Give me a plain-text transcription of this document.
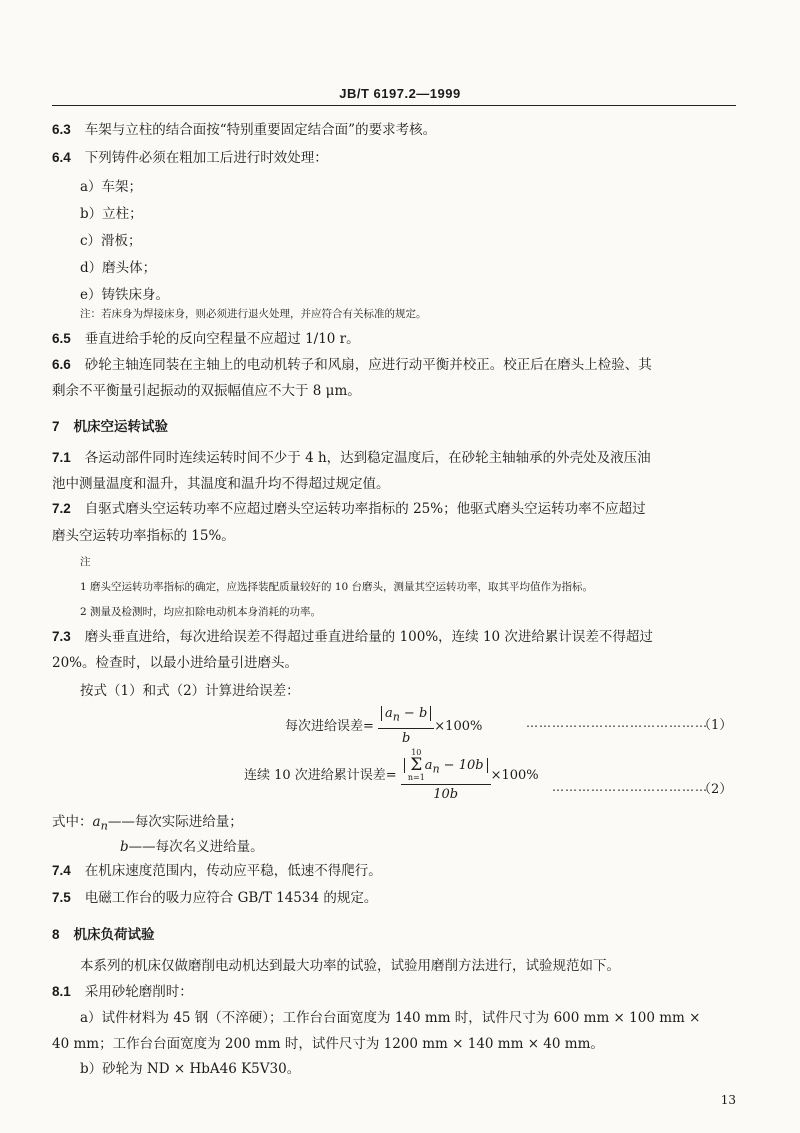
JB/T 6197.2—1999
6.3 车架与立柱的结合面按“特别重要固定结合面”的要求考核。
6.4 下列铸件必须在粗加工后进行时效处理：
a）车架；
b）立柱；
c）滑板；
d）磨头体；
e）铸铁床身。
注：若床身为焊接床身，则必须进行退火处理，并应符合有关标准的规定。
6.5 垂直进给手轮的反向空程量不应超过 1/10 r。
6.6 砂轮主轴连同装在主轴上的电动机转子和风扇，应进行动平衡并校正。校正后在磨头上检验、其
剩余不平衡量引起振动的双振幅值应不大于 8 μm。
7 机床空运转试验
7.1 各运动部件同时连续运转时间不少于 4 h，达到稳定温度后，在砂轮主轴轴承的外壳处及液压油
池中测量温度和温升，其温度和温升均不得超过规定值。
7.2 自驱式磨头空运转功率不应超过磨头空运转功率指标的 25%；他驱式磨头空运转功率不应超过
磨头空运转功率指标的 15%。
注
1 磨头空运转功率指标的确定，应选择装配质量较好的 10 台磨头，测量其空运转功率，取其平均值作为指标。
2 测量及检测时，均应扣除电动机本身消耗的功率。
7.3 磨头垂直进给，每次进给误差不得超过垂直进给量的 100%，连续 10 次进给累计误差不得超过
20%。检查时，以最小进给量引进磨头。
按式（1）和式（2）计算进给误差：
每次进给误差= $\frac{a_n - b}{b} \times 100\%$	……………………………………
（1）
连续 10 次进给累计误差= 10
Σ
n=1
$a_n - 10b$
10b ×100%
………………………………
（2）
式中：$a_n——$每次实际进给量；
b——每次名义进给量。
7.4 在机床速度范围内，传动应平稳，低速不得爬行。
7.5 电磁工作台的吸力应符合 GB/T 14534 的规定。
8 机床负荷试验
本系列的机床仅做磨削电动机达到最大功率的试验，试验用磨削方法进行，试验规范如下。
8.1 采用砂轮磨削时：
a）试件材料为 45 钢（不淬硬）；工作台台面宽度为 140 mm 时，试件尺寸为 600 mm × 100 mm ×
40 mm；工作台台面宽度为 200 mm 时，试件尺寸为 1200 mm × 140 mm × 40 mm。
b）砂轮为 ND × HbA46 K5V30。
13
